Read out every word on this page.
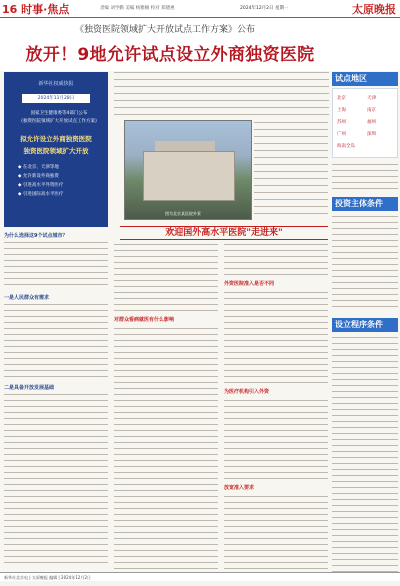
16 时事·焦点	责编 刘学勤 美编 杨雅楠 校对 郑德惠	2024年12月2日 星期一	太原晚报
《独资医院领域扩大开放试点工作方案》公布
放开！9地允许试点设立外商独资医院
新华社权威快报
2024年11月28日
国家卫生健康委等4部门公布
《独资医院领域扩大开放试点工作方案》
拟允许设立外商独资医院
独资医院领域扩大开放
◆ 在北京、天津等地
◆ 允许新设外商独资
◆ 引进高水平外资医疗
◆ 引进国际高水平医疗
为什么选择这9个试点城市？
一是人民群众有需求
二是具备开放发展基础
图为北京某医院外景
欢迎国外高水平医院"走进来"
对群众看病就医有什么影响
外资医院准入是否不同
为医疗机构引入外资
放宽准入要求
试点地区
北京	天津
上海	南京
苏州	福州
广州	深圳
海南全岛
投资主体条件
设立程序条件
新华社北京电 | 太原晚报 编辑 | 2024年12月2日
